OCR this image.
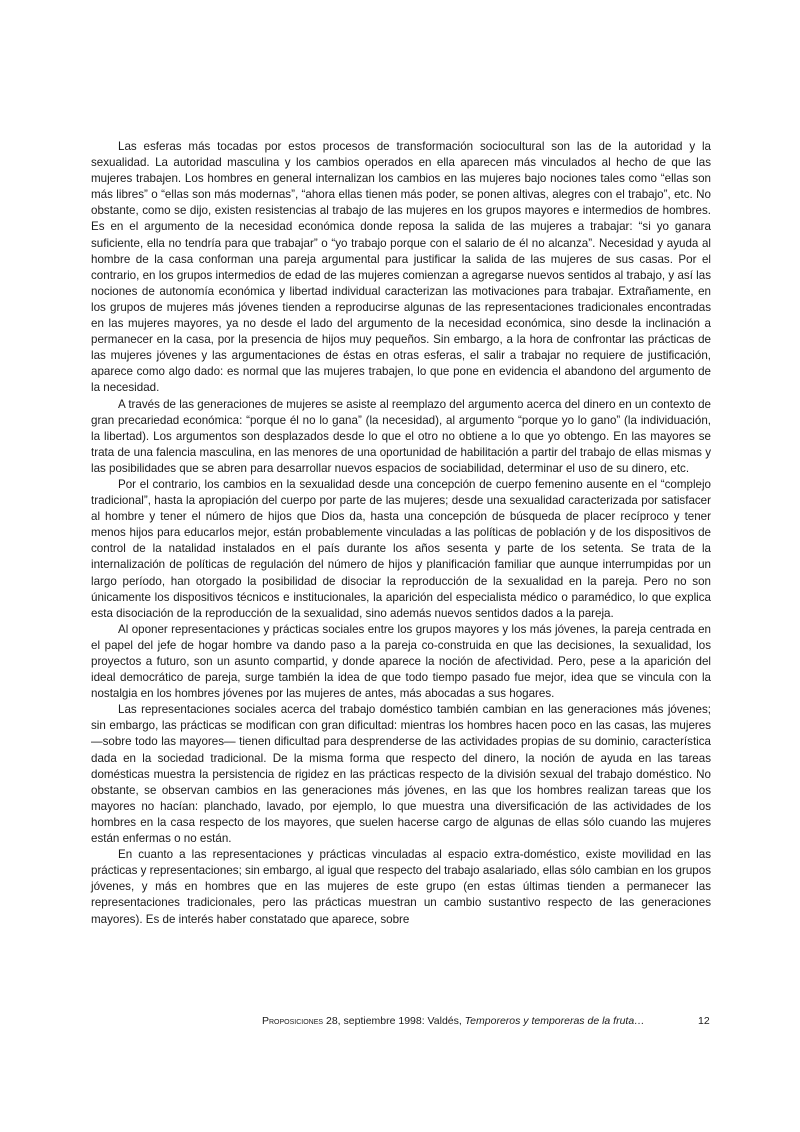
Las esferas más tocadas por estos procesos de transformación sociocultural son las de la autoridad y la sexualidad. La autoridad masculina y los cambios operados en ella aparecen más vinculados al hecho de que las mujeres trabajen. Los hombres en general internalizan los cambios en las mujeres bajo nociones tales como “ellas son más libres” o “ellas son más modernas”, “ahora ellas tienen más poder, se ponen altivas, alegres con el trabajo”, etc. No obstante, como se dijo, existen resistencias al trabajo de las mujeres en los grupos mayores e intermedios de hombres. Es en el argumento de la necesidad económica donde reposa la salida de las mujeres a trabajar: “si yo ganara suficiente, ella no tendría para que trabajar” o “yo trabajo porque con el salario de él no alcanza”. Necesidad y ayuda al hombre de la casa conforman una pareja argumental para justificar la salida de las mujeres de sus casas. Por el contrario, en los grupos intermedios de edad de las mujeres comienzan a agregarse nuevos sentidos al trabajo, y así las nociones de autonomía económica y libertad individual caracterizan las motivaciones para trabajar. Extrañamente, en los grupos de mujeres más jóvenes tienden a reproducirse algunas de las representaciones tradicionales encontradas en las mujeres mayores, ya no desde el lado del argumento de la necesidad económica, sino desde la inclinación a permanecer en la casa, por la presencia de hijos muy pequeños. Sin embargo, a la hora de confrontar las prácticas de las mujeres jóvenes y las argumentaciones de éstas en otras esferas, el salir a trabajar no requiere de justificación, aparece como algo dado: es normal que las mujeres trabajen, lo que pone en evidencia el abandono del argumento de la necesidad.

A través de las generaciones de mujeres se asiste al reemplazo del argumento acerca del dinero en un contexto de gran precariedad económica: “porque él no lo gana” (la necesidad), al argumento “porque yo lo gano” (la individuación, la libertad). Los argumentos son desplazados desde lo que el otro no obtiene a lo que yo obtengo. En las mayores se trata de una falencia masculina, en las menores de una oportunidad de habilitación a partir del trabajo de ellas mismas y las posibilidades que se abren para desarrollar nuevos espacios de sociabilidad, determinar el uso de su dinero, etc.

Por el contrario, los cambios en la sexualidad desde una concepción de cuerpo femenino ausente en el “complejo tradicional”, hasta la apropiación del cuerpo por parte de las mujeres; desde una sexualidad caracterizada por satisfacer al hombre y tener el número de hijos que Dios da, hasta una concepción de búsqueda de placer recíproco y tener menos hijos para educarlos mejor, están probablemente vinculadas a las políticas de población y de los dispositivos de control de la natalidad instalados en el país durante los años sesenta y parte de los setenta. Se trata de la internalización de políticas de regulación del número de hijos y planificación familiar que aunque interrumpidas por un largo período, han otorgado la posibilidad de disociar la reproducción de la sexualidad en la pareja. Pero no son únicamente los dispositivos técnicos e institucionales, la aparición del especialista médico o paramédico, lo que explica esta disociación de la reproducción de la sexualidad, sino además nuevos sentidos dados a la pareja.

Al oponer representaciones y prácticas sociales entre los grupos mayores y los más jóvenes, la pareja centrada en el papel del jefe de hogar hombre va dando paso a la pareja co-construida en que las decisiones, la sexualidad, los proyectos a futuro, son un asunto compartid, y donde aparece la noción de afectividad. Pero, pese a la aparición del ideal democrático de pareja, surge también la idea de que todo tiempo pasado fue mejor, idea que se vincula con la nostalgia en los hombres jóvenes por las mujeres de antes, más abocadas a sus hogares.

Las representaciones sociales acerca del trabajo doméstico también cambian en las generaciones más jóvenes; sin embargo, las prácticas se modifican con gran dificultad: mientras los hombres hacen poco en las casas, las mujeres —sobre todo las mayores— tienen dificultad para desprenderse de las actividades propias de su dominio, característica dada en la sociedad tradicional. De la misma forma que respecto del dinero, la noción de ayuda en las tareas domésticas muestra la persistencia de rigidez en las prácticas respecto de la división sexual del trabajo doméstico. No obstante, se observan cambios en las generaciones más jóvenes, en las que los hombres realizan tareas que los mayores no hacían: planchado, lavado, por ejemplo, lo que muestra una diversificación de las actividades de los hombres en la casa respecto de los mayores, que suelen hacerse cargo de algunas de ellas sólo cuando las mujeres están enfermas o no están.

En cuanto a las representaciones y prácticas vinculadas al espacio extra-doméstico, existe movilidad en las prácticas y representaciones; sin embargo, al igual que respecto del trabajo asalariado, ellas sólo cambian en los grupos jóvenes, y más en hombres que en las mujeres de este grupo (en estas últimas tienden a permanecer las representaciones tradicionales, pero las prácticas muestran un cambio sustantivo respecto de las generaciones mayores). Es de interés haber constatado que aparece, sobre

Proposiciones 28, septiembre 1998: Valdés, Temporeros y temporeras de la fruta…	12
